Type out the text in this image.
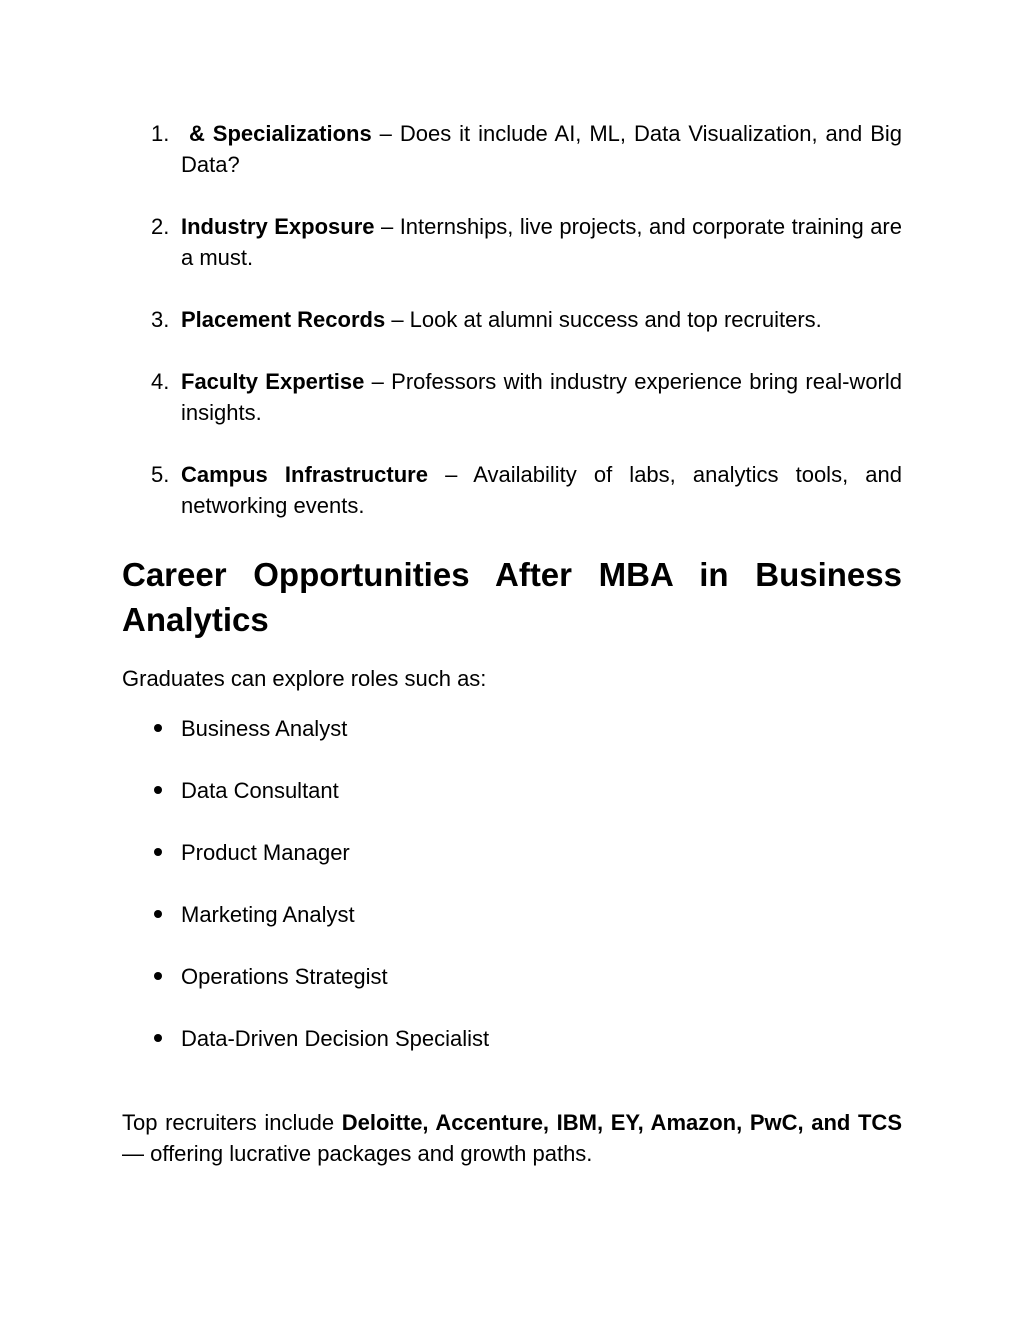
1. & Specializations – Does it include AI, ML, Data Visualization, and Big Data?
2. Industry Exposure – Internships, live projects, and corporate training are a must.
3. Placement Records – Look at alumni success and top recruiters.
4. Faculty Expertise – Professors with industry experience bring real-world insights.
5. Campus Infrastructure – Availability of labs, analytics tools, and networking events.
Career Opportunities After MBA in Business Analytics

Graduates can explore roles such as:

Business Analyst
Data Consultant
Product Manager
Marketing Analyst
Operations Strategist
Data-Driven Decision Specialist

Top recruiters include Deloitte, Accenture, IBM, EY, Amazon, PwC, and TCS — offering lucrative packages and growth paths.
